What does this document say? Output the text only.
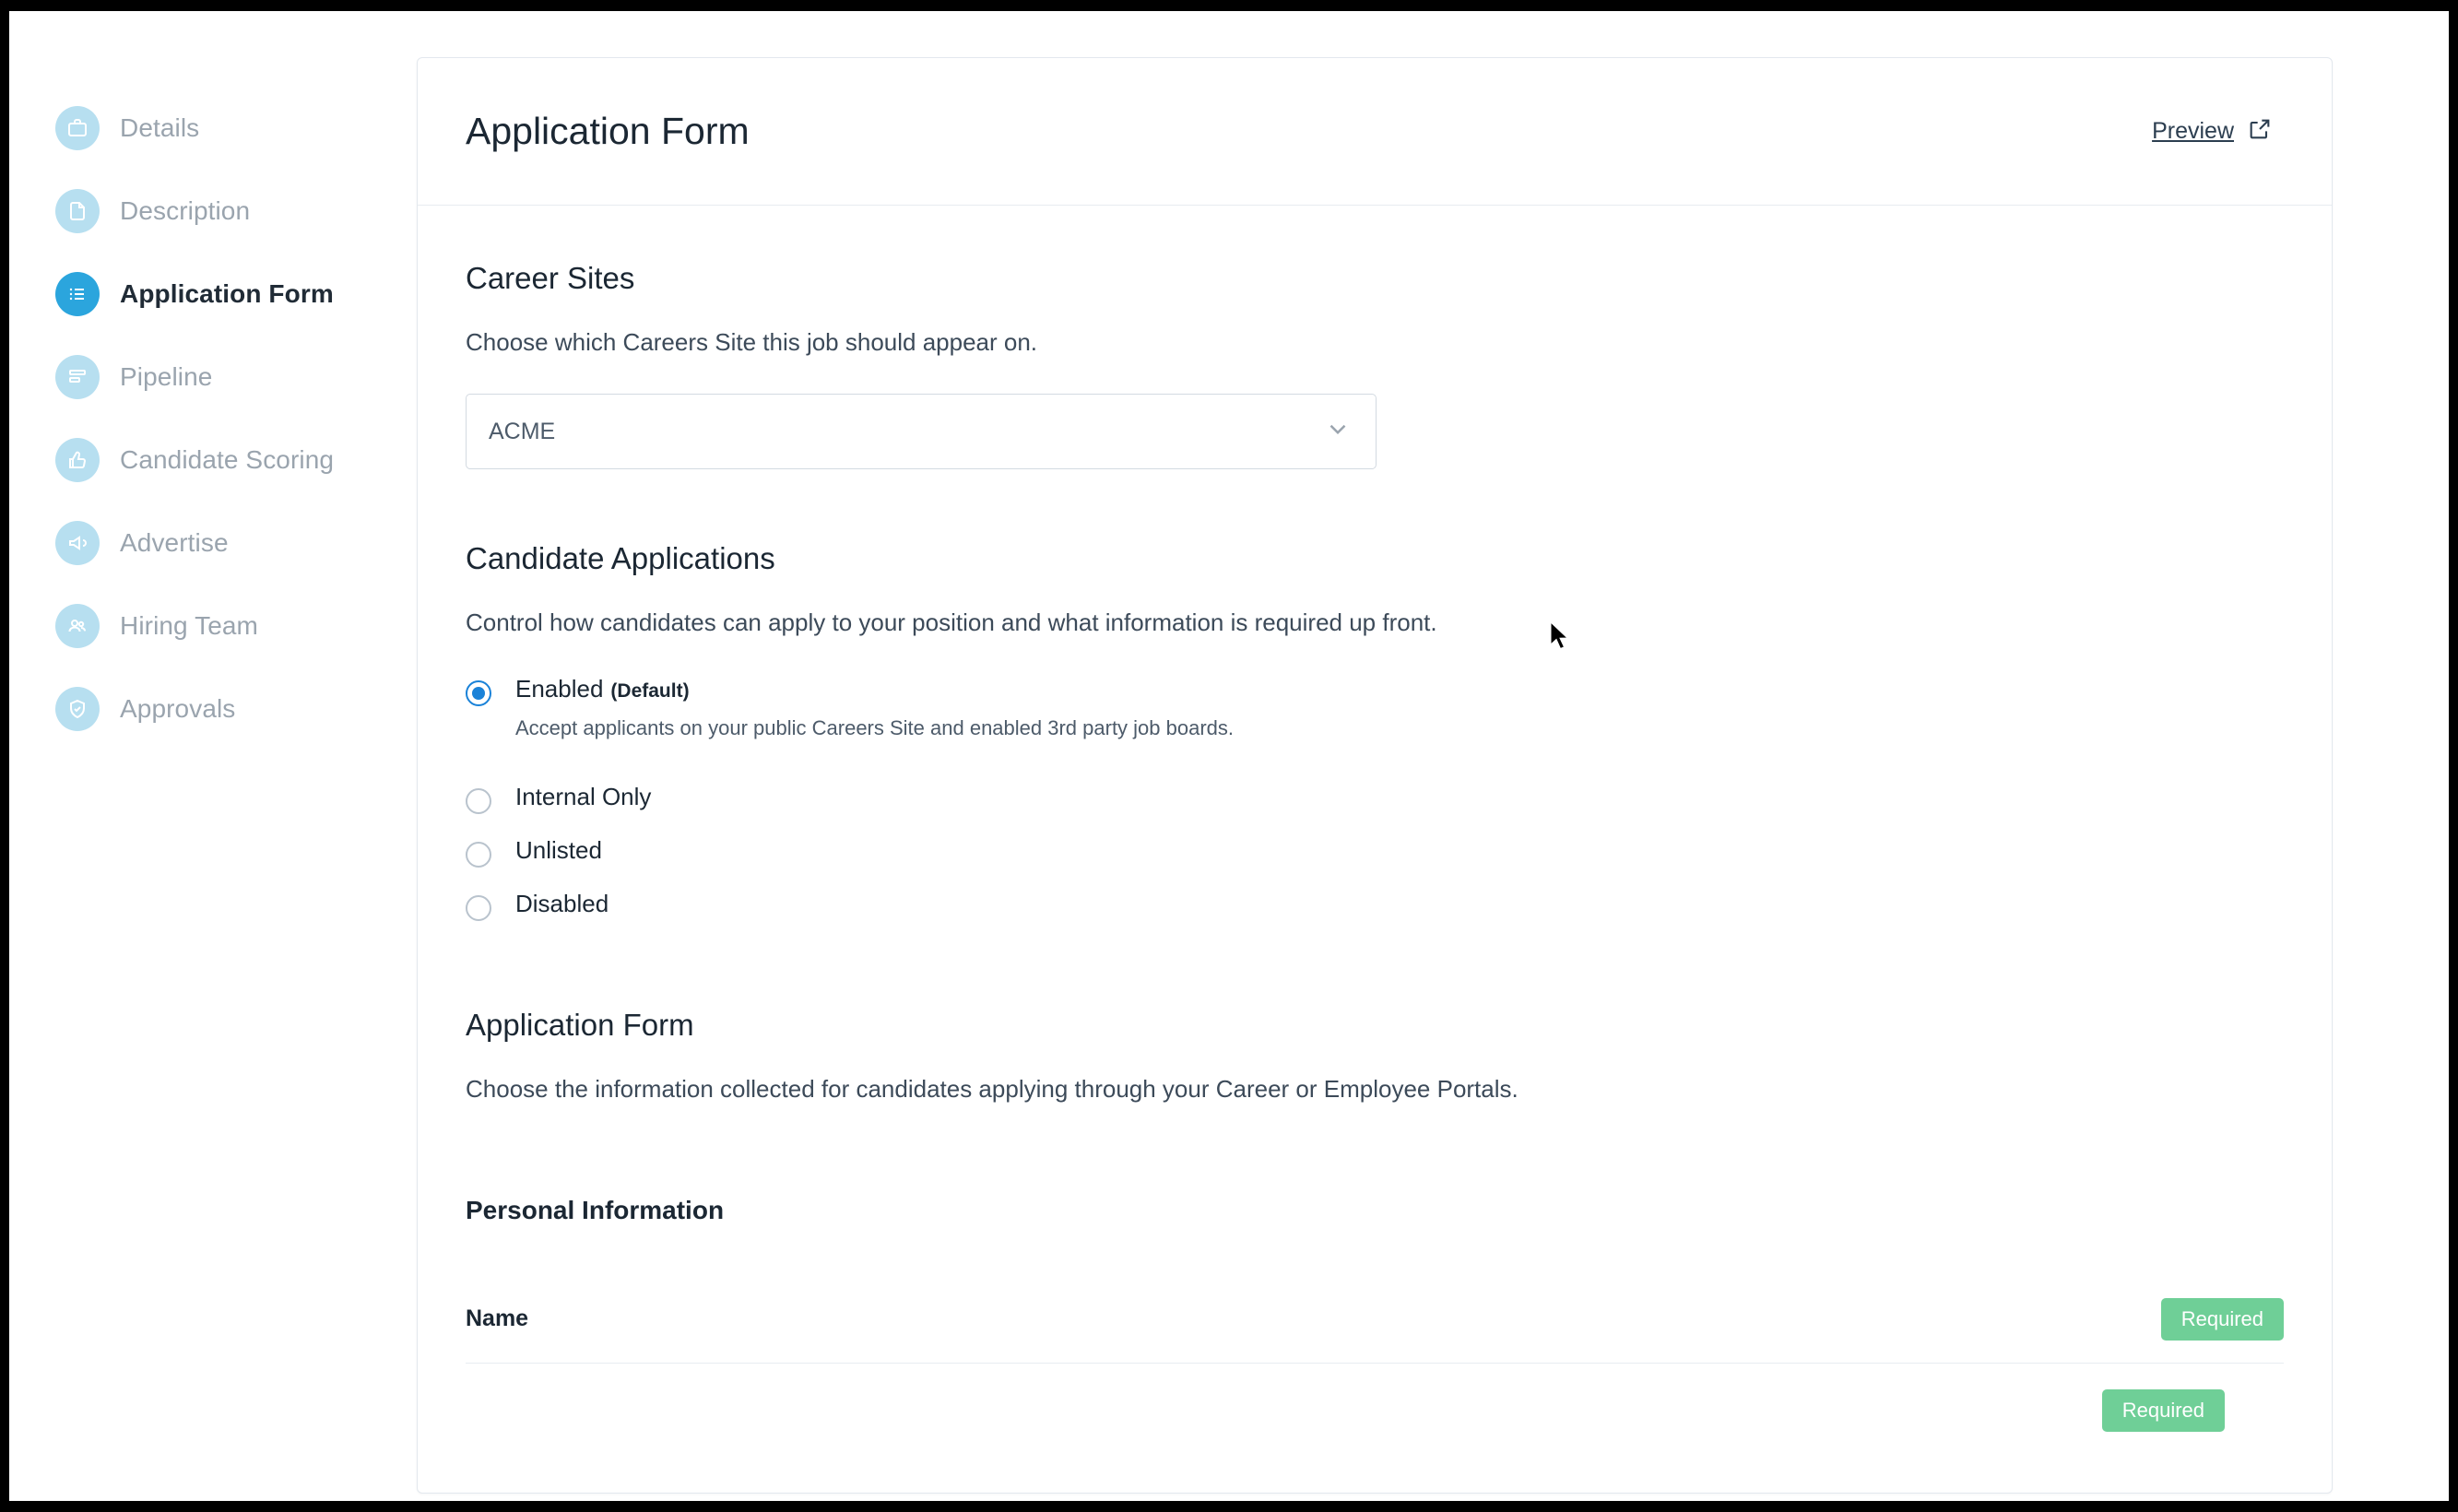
Details
Description
Application Form
Pipeline
Candidate Scoring
Advertise
Hiring Team
Approvals
Application Form	Preview
Career Sites

Choose which Careers Site this job should appear on.

ACME
Candidate Applications

Control how candidates can apply to your position and what information is required up front.

Enabled (Default)
Accept applicants on your public Careers Site and enabled 3rd party job boards.
Internal Only
Unlisted
Disabled
Application Form

Choose the information collected for candidates applying through your Career or Employee Portals.

Personal Information
Name	Required
Required
